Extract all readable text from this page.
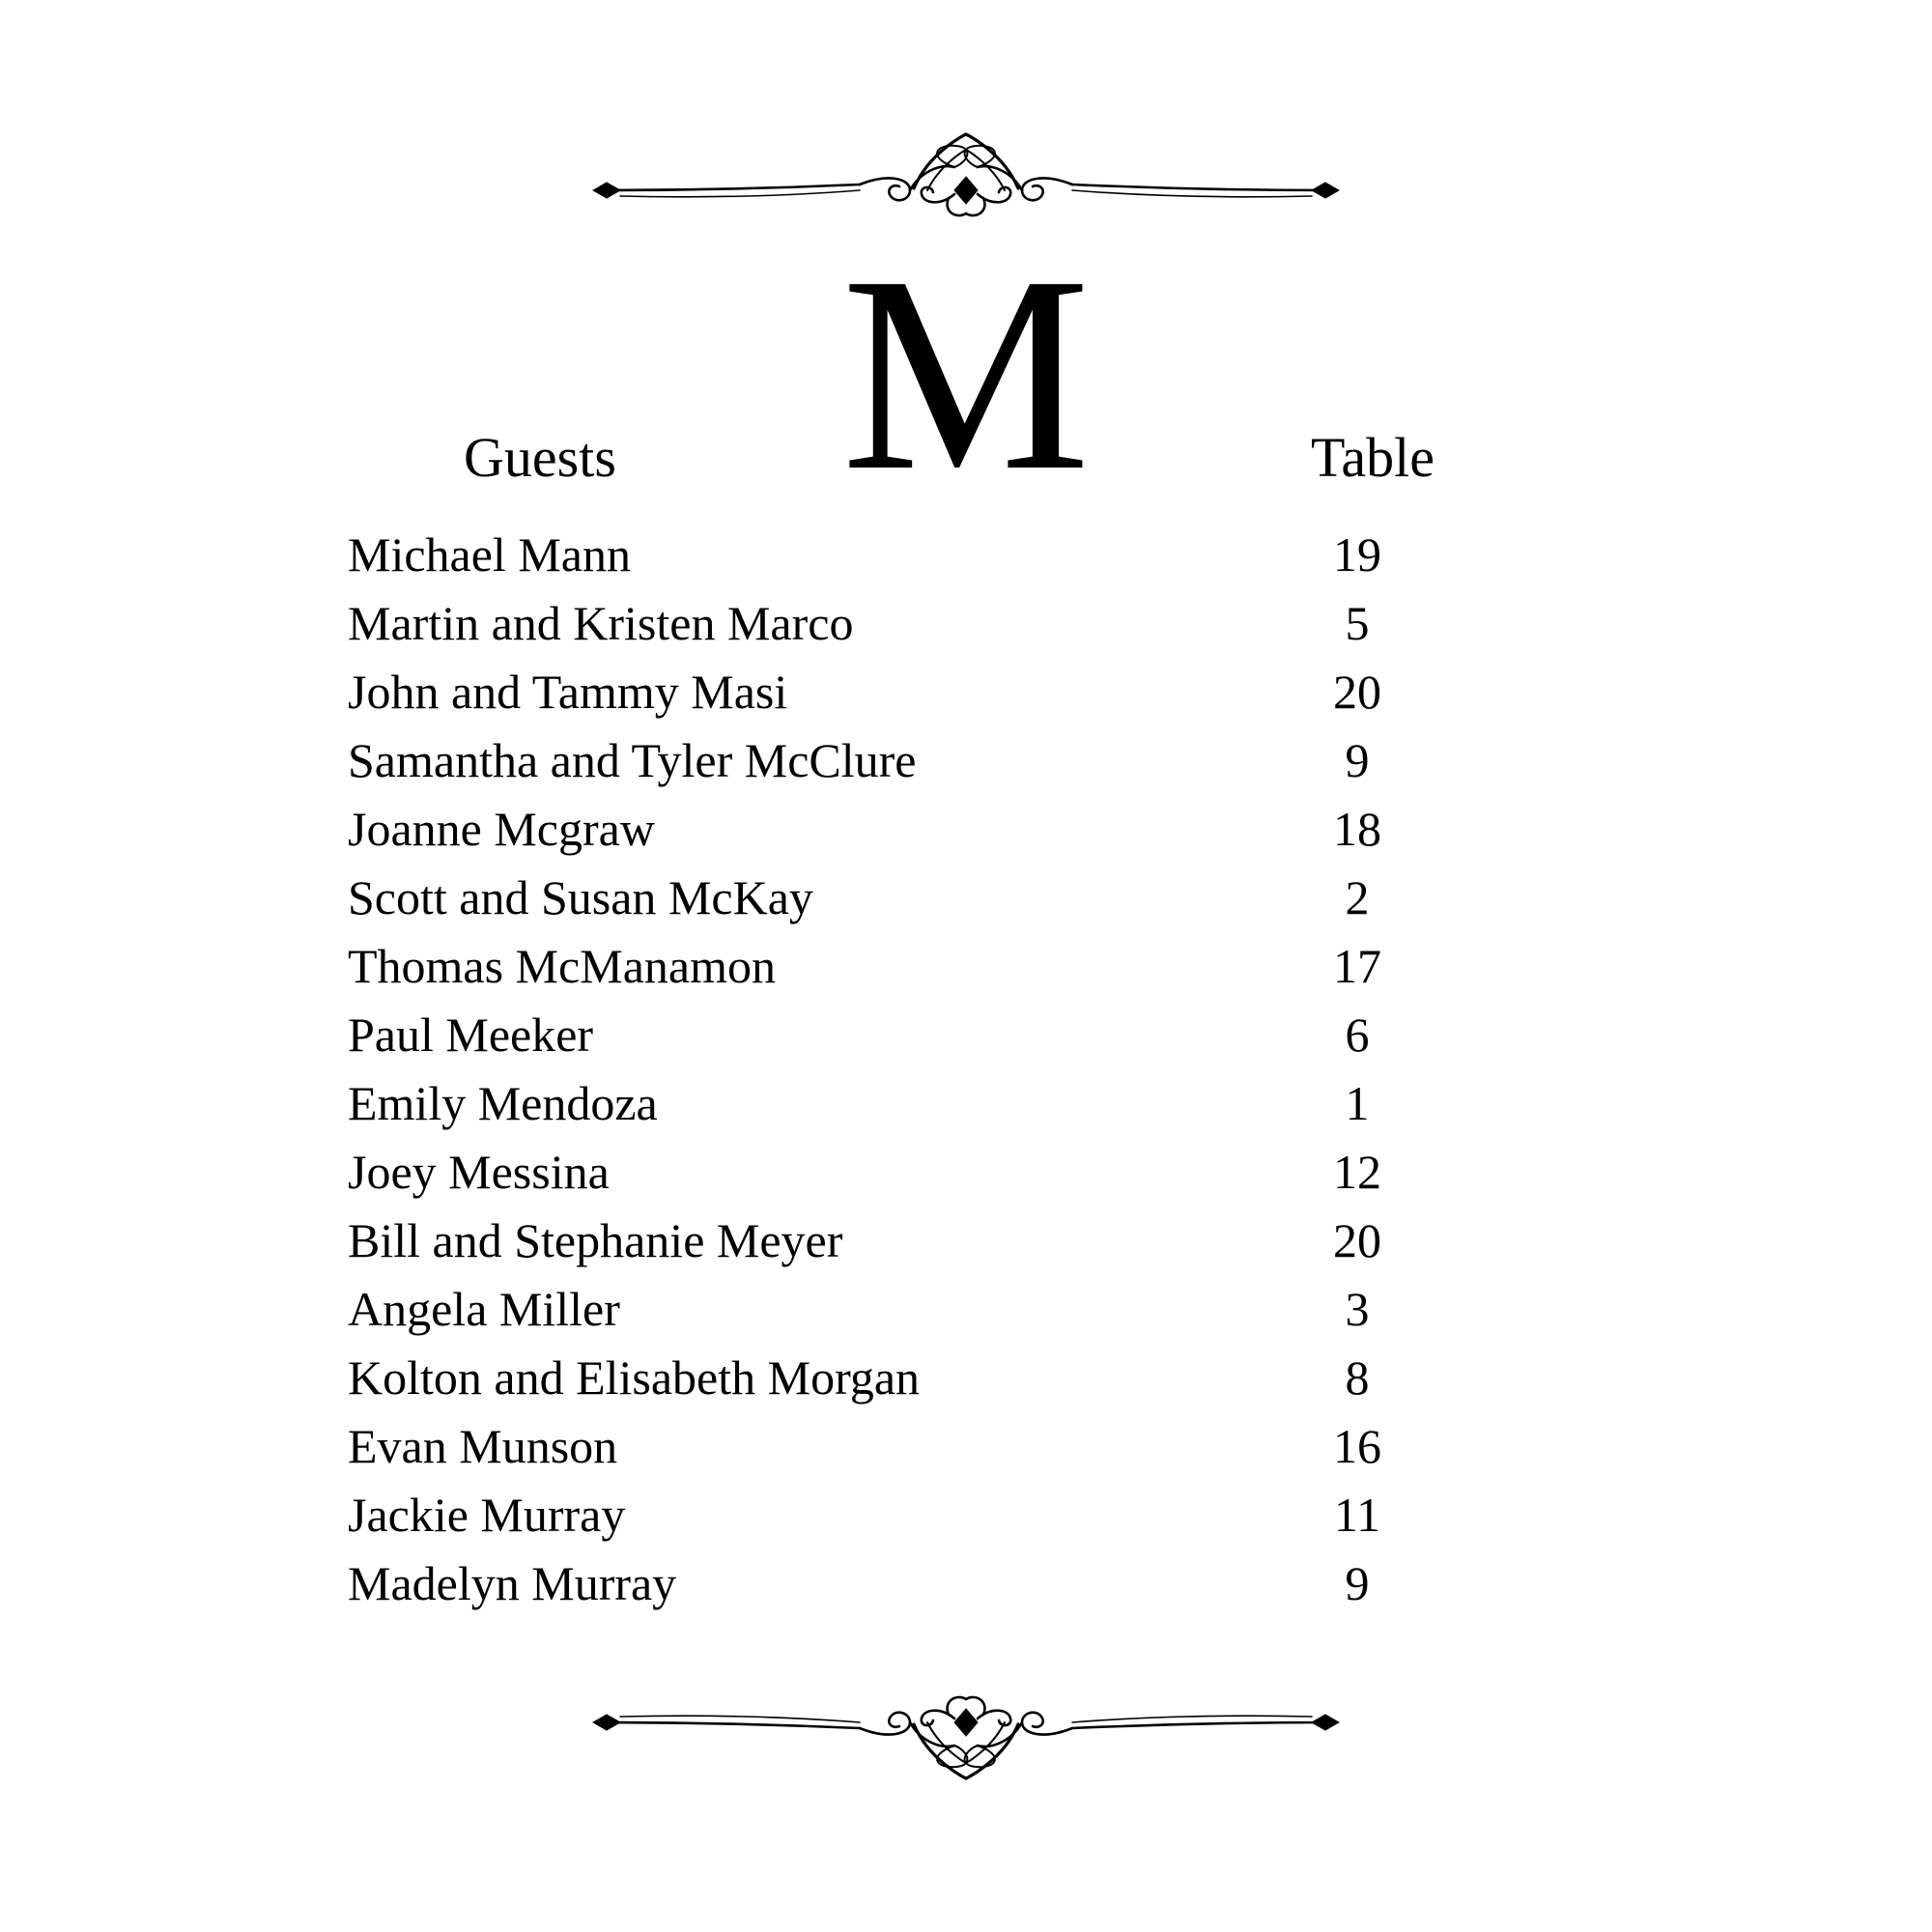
M
Guests	Table
Michael Mann	19
Martin and Kristen Marco	5
John and Tammy Masi	20
Samantha and Tyler McClure	9
Joanne Mcgraw	18
Scott and Susan McKay	2
Thomas McManamon	17
Paul Meeker	6
Emily Mendoza	1
Joey Messina	12
Bill and Stephanie Meyer	20
Angela Miller	3
Kolton and Elisabeth Morgan	8
Evan Munson	16
Jackie Murray	11
Madelyn Murray	9
